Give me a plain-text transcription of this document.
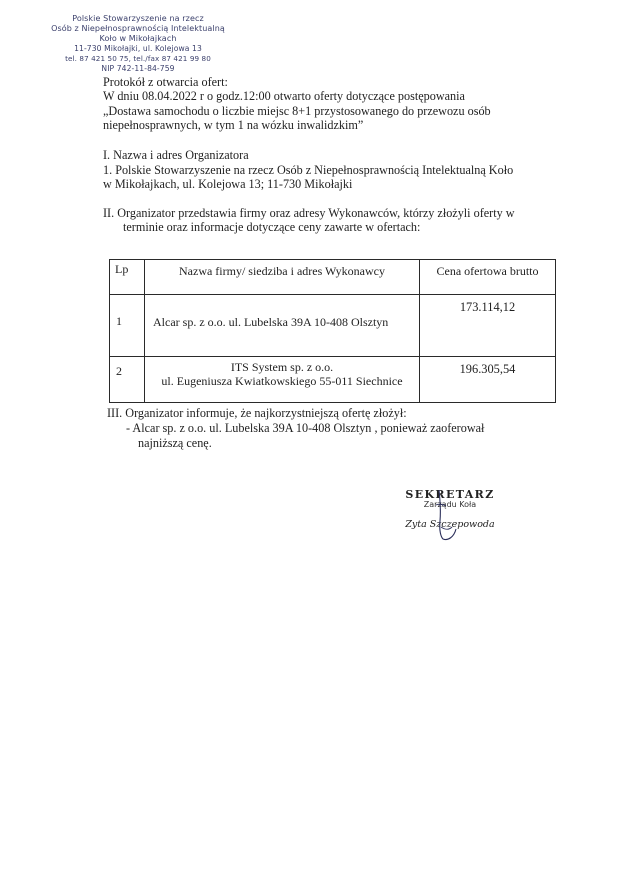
Polskie Stowarzyszenie na rzecz
Osób z Niepełnosprawnością Intelektualną
Koło w Mikołajkach
11-730 Mikołajki, ul. Kolejowa 13
tel. 87 421 50 75, tel./fax 87 421 99 80
NIP 742-11-84-759
Protokół z otwarcia ofert:
W dniu 08.04.2022 r o godz.12:00 otwarto oferty dotyczące postępowania
„Dostawa samochodu o liczbie miejsc 8+1 przystosowanego do przewozu osób
niepełnosprawnych, w tym 1 na wózku inwalidzkim”
I. Nazwa i adres Organizatora
1. Polskie Stowarzyszenie na rzecz Osób z Niepełnosprawnością Intelektualną Koło
w Mikołajkach, ul. Kolejowa 13; 11-730 Mikołajki
II. Organizator przedstawia firmy oraz adresy Wykonawców, którzy złożyli oferty w
terminie oraz informacje dotyczące ceny zawarte w ofertach:
Lp	Nazwa firmy/ siedziba i adres Wykonawcy	Cena ofertowa brutto
1	Alcar sp. z o.o. ul. Lubelska 39A 10-408 Olsztyn	173.114,12
2	ITS System sp. z o.o.
ul. Eugeniusza Kwiatkowskiego 55-011 Siechnice	196.305,54
III. Organizator informuje, że najkorzystniejszą ofertę złożył:
- Alcar sp. z o.o. ul. Lubelska 39A 10-408 Olsztyn , ponieważ zaoferował
najniższą cenę.
SEKRETARZ
Zarządu Koła
Zyta Szczepowoda
